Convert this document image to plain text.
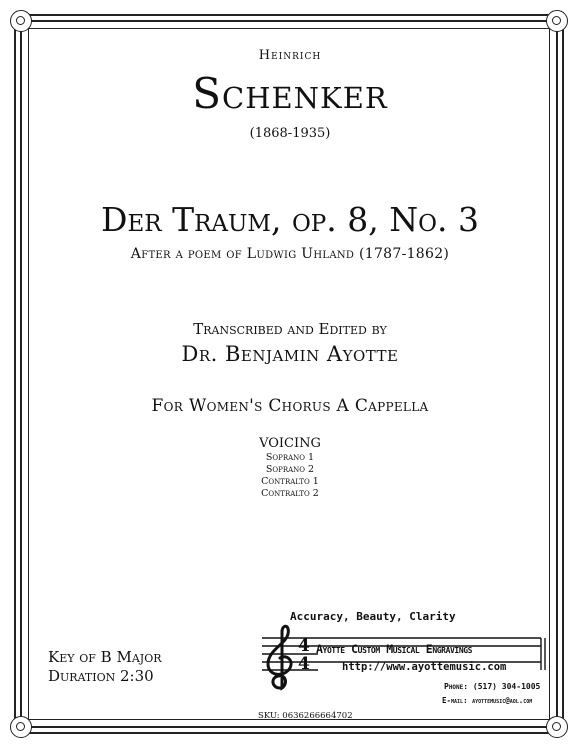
Heinrich
Schenker
(1868-1935)
Der Traum, op. 8, No. 3
After a poem of Ludwig Uhland (1787-1862)
Transcribed and Edited by
Dr. Benjamin Ayotte
For Women's Chorus A Cappella
VOICING
Soprano 1
Soprano 2
Contralto 1
Contralto 2
Key of B Major
Duration 2:30
Accuracy, Beauty, Clarity
4
4
Ayotte Custom Musical Engravings
http://www.ayottemusic.com
Phone: (517) 304-1005
E-mail: ayottemusic@aol.com
SKU: 0636266664702
